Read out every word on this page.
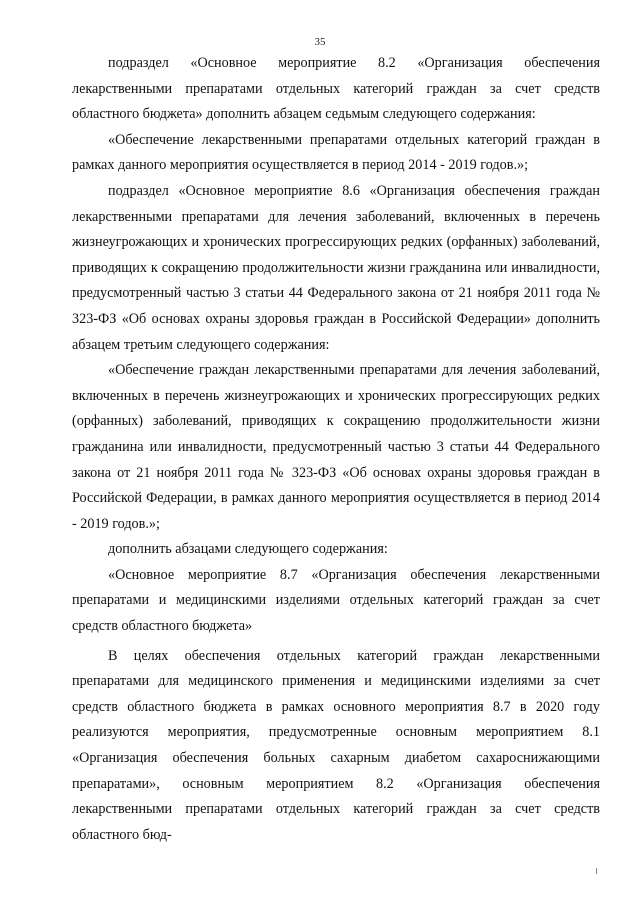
35

подраздел «Основное мероприятие 8.2 «Организация обеспечения лекарственными препаратами отдельных категорий граждан за счет средств областного бюджета» дополнить абзацем седьмым следующего содержания:

«Обеспечение лекарственными препаратами отдельных категорий граждан в рамках данного мероприятия осуществляется в период 2014 - 2019 годов.»;

подраздел «Основное мероприятие 8.6 «Организация обеспечения граждан лекарственными препаратами для лечения заболеваний, включенных в перечень жизнеугрожающих и хронических прогрессирующих редких (орфанных) заболеваний, приводящих к сокращению продолжительности жизни гражданина или инвалидности, предусмотренный частью 3 статьи 44 Федерального закона от 21 ноября 2011 года № 323-ФЗ «Об основах охраны здоровья граждан в Российской Федерации» дополнить абзацем третьим следующего содержания:

«Обеспечение граждан лекарственными препаратами для лечения заболеваний, включенных в перечень жизнеугрожающих и хронических прогрессирующих редких (орфанных) заболеваний, приводящих к сокращению продолжительности жизни гражданина или инвалидности, предусмотренный частью 3 статьи 44 Федерального закона от 21 ноября 2011 года № 323-ФЗ «Об основах охраны здоровья граждан в Российской Федерации, в рамках данного мероприятия осуществляется в период 2014 - 2019 годов.»;

дополнить абзацами следующего содержания:

«Основное мероприятие 8.7 «Организация обеспечения лекарственными препаратами и медицинскими изделиями отдельных категорий граждан за счет средств областного бюджета»

В целях обеспечения отдельных категорий граждан лекарственными препаратами для медицинского применения и медицинскими изделиями за счет средств областного бюджета в рамках основного мероприятия 8.7 в 2020 году реализуются мероприятия, предусмотренные основным мероприятием 8.1 «Организация обеспечения больных сахарным диабетом сахароснижающими препаратами», основным мероприятием 8.2 «Организация обеспечения лекарственными препаратами отдельных категорий граждан за счет средств областного бюд-
